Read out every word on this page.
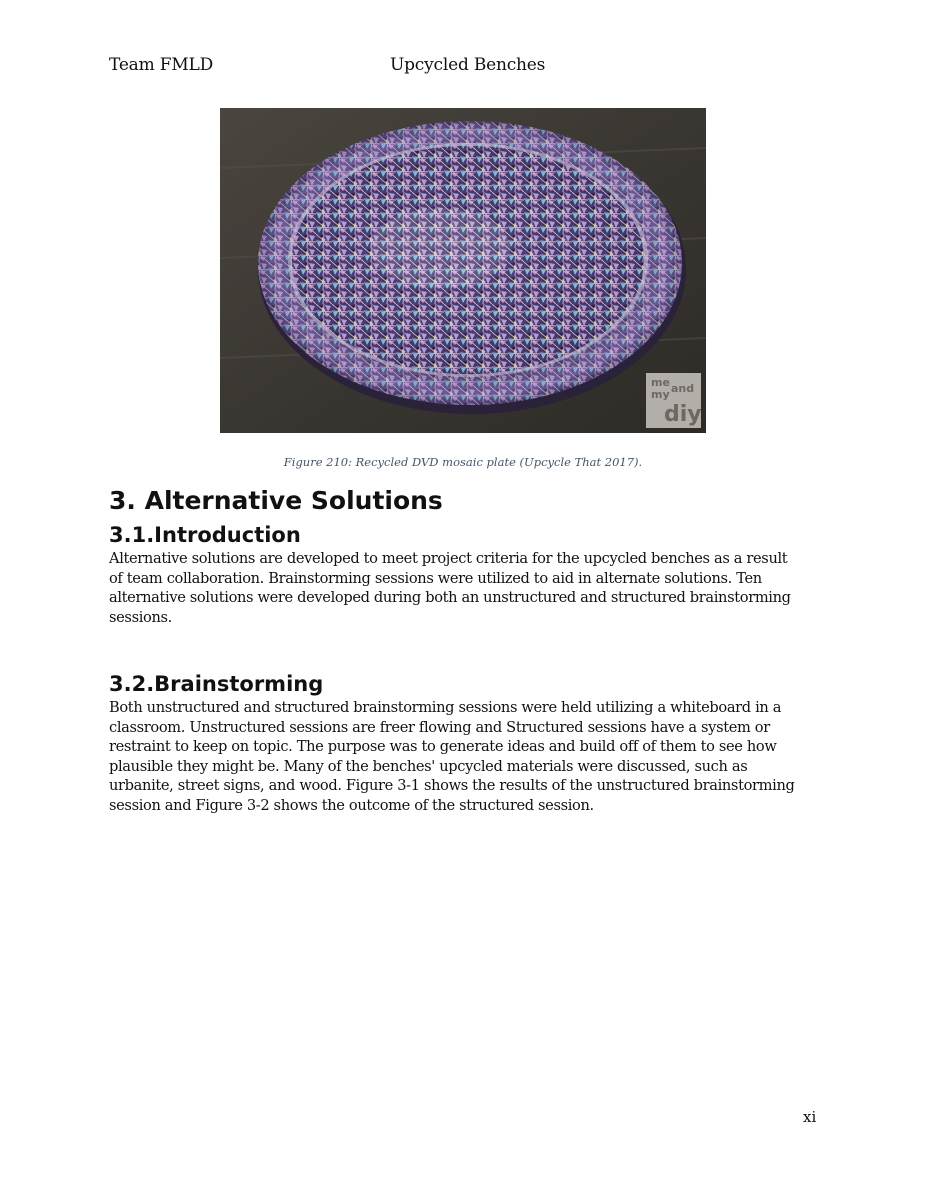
Team FMLD	Upcycled Benches
me
my and
diy
Figure 210: Recycled DVD mosaic plate (Upcycle That 2017).
3. Alternative Solutions
3.1.Introduction
Alternative solutions are developed to meet project criteria for the upcycled benches as a result
of team collaboration. Brainstorming sessions were utilized to aid in alternate solutions. Ten
alternative solutions were developed during both an unstructured and structured brainstorming
sessions.
3.2.Brainstorming
Both unstructured and structured brainstorming sessions were held utilizing a whiteboard in a
classroom. Unstructured sessions are freer flowing and Structured sessions have a system or
restraint to keep on topic. The purpose was to generate ideas and build off of them to see how
plausible they might be. Many of the benches' upcycled materials were discussed, such as
urbanite, street signs, and wood. Figure 3-1 shows the results of the unstructured brainstorming
session and Figure 3-2 shows the outcome of the structured session.
xi
